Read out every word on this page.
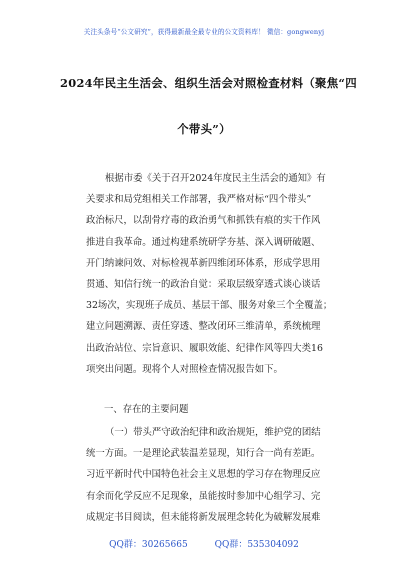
关注头条号“公文研究”，获得最新最全最专业的公文资料库！ 微信：gongwenyj
2024年民主生活会、组织生活会对照检查材料（聚焦“四
个带头”）
根据市委《关于召开2024年度民主生活会的通知》有
关要求和局党组相关工作部署，我严格对标“四个带头”
政治标尺，以刮骨疗毒的政治勇气和抓铁有痕的实干作风
推进自我革命。通过构建系统研学夯基、深入调研破题、
开门纳谏问效、对标检视革新四维闭环体系，形成学思用
贯通、知信行统一的政治自觉：采取层级穿透式谈心谈话
32场次，实现班子成员、基层干部、服务对象三个全覆盖；
建立问题溯源、责任穿透、整改闭环三维清单，系统梳理
出政治站位、宗旨意识、履职效能、纪律作风等四大类16
项突出问题。现将个人对照检查情况报告如下。
一、存在的主要问题
（一）带头严守政治纪律和政治规矩，维护党的团结
统一方面。一是理论武装温差显现，知行合一尚有差距。
习近平新时代中国特色社会主义思想的学习存在物理反应
有余而化学反应不足现象，虽能按时参加中心组学习、完
成规定书目阅读，但未能将新发展理念转化为破解发展难
QQ群：30265665	QQ群：535304092
